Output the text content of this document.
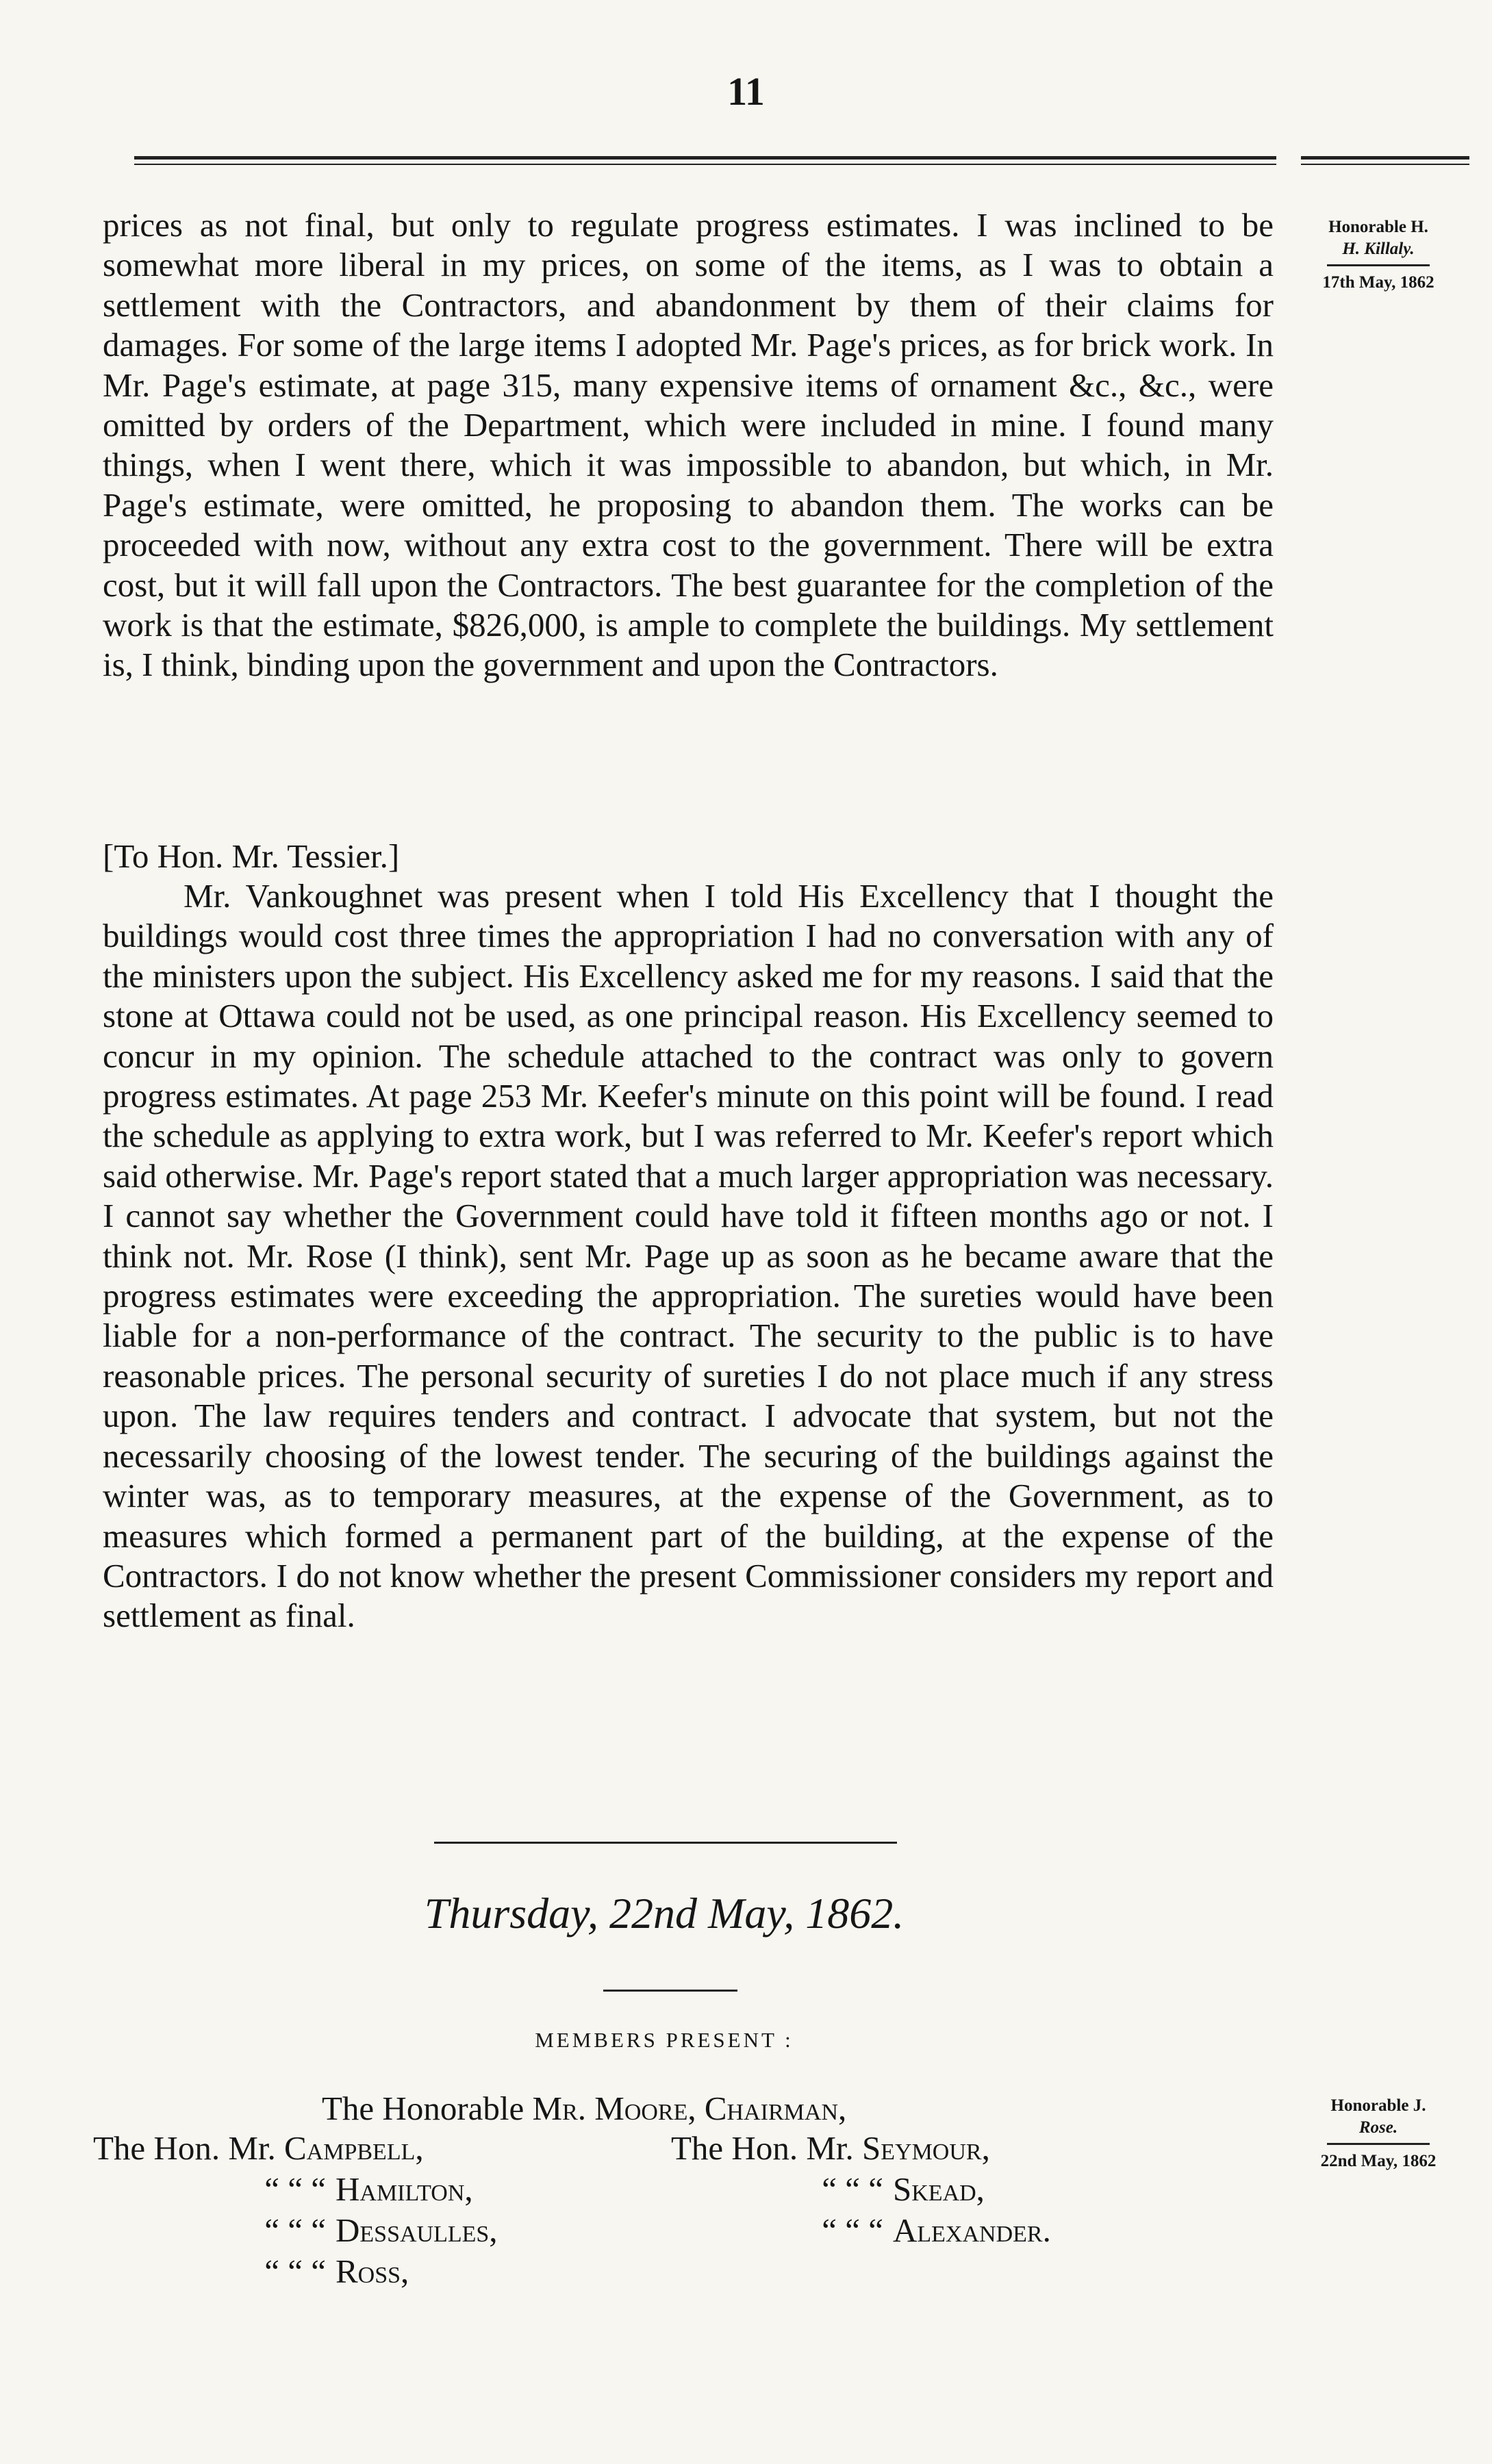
11
Honorable H.
H. Killaly.
17th May, 1862

prices as not final, but only to regulate progress estimates. I was inclined to be somewhat more liberal in my prices, on some of the items, as I was to obtain a settlement with the Contractors, and abandonment by them of their claims for damages. For some of the large items I adopted Mr. Page's prices, as for brick work. In Mr. Page's estimate, at page 315, many expensive items of ornament &c., &c., were omitted by orders of the Department, which were included in mine. I found many things, when I went there, which it was impossible to abandon, but which, in Mr. Page's estimate, were omitted, he proposing to abandon them. The works can be proceeded with now, without any extra cost to the government. There will be extra cost, but it will fall upon the Contractors. The best guarantee for the completion of the work is that the estimate, $826,000, is ample to complete the buildings. My settlement is, I think, binding upon the government and upon the Contractors.

[To Hon. Mr. Tessier.]

Mr. Vankoughnet was present when I told His Excellency that I thought the buildings would cost three times the appropriation I had no conversation with any of the ministers upon the subject. His Excellency asked me for my reasons. I said that the stone at Ottawa could not be used, as one principal reason. His Excellency seemed to concur in my opinion. The schedule attached to the contract was only to govern progress estimates. At page 253 Mr. Keefer's minute on this point will be found. I read the schedule as applying to extra work, but I was referred to Mr. Keefer's report which said otherwise. Mr. Page's report stated that a much larger appropriation was necessary. I cannot say whether the Government could have told it fifteen months ago or not. I think not. Mr. Rose (I think), sent Mr. Page up as soon as he became aware that the progress estimates were exceeding the appropriation. The sureties would have been liable for a non-performance of the contract. The security to the public is to have reasonable prices. The personal security of sureties I do not place much if any stress upon. The law requires tenders and contract. I advocate that system, but not the necessarily choosing of the lowest tender. The securing of the buildings against the winter was, as to temporary measures, at the expense of the Government, as to measures which formed a permanent part of the building, at the expense of the Contractors. I do not know whether the present Commissioner considers my report and settlement as final.

Thursday, 22nd May, 1862.
Honorable J.
Rose.
22nd May, 1862
MEMBERS PRESENT :
The Honorable Mr. Moore, Chairman,
The Hon. Mr. Campbell,
“ “ “ Hamilton,
“ “ “ Dessaulles,
“ “ “ Ross,
The Hon. Mr. Seymour,
“ “ “ Skead,
“ “ “ Alexander.
